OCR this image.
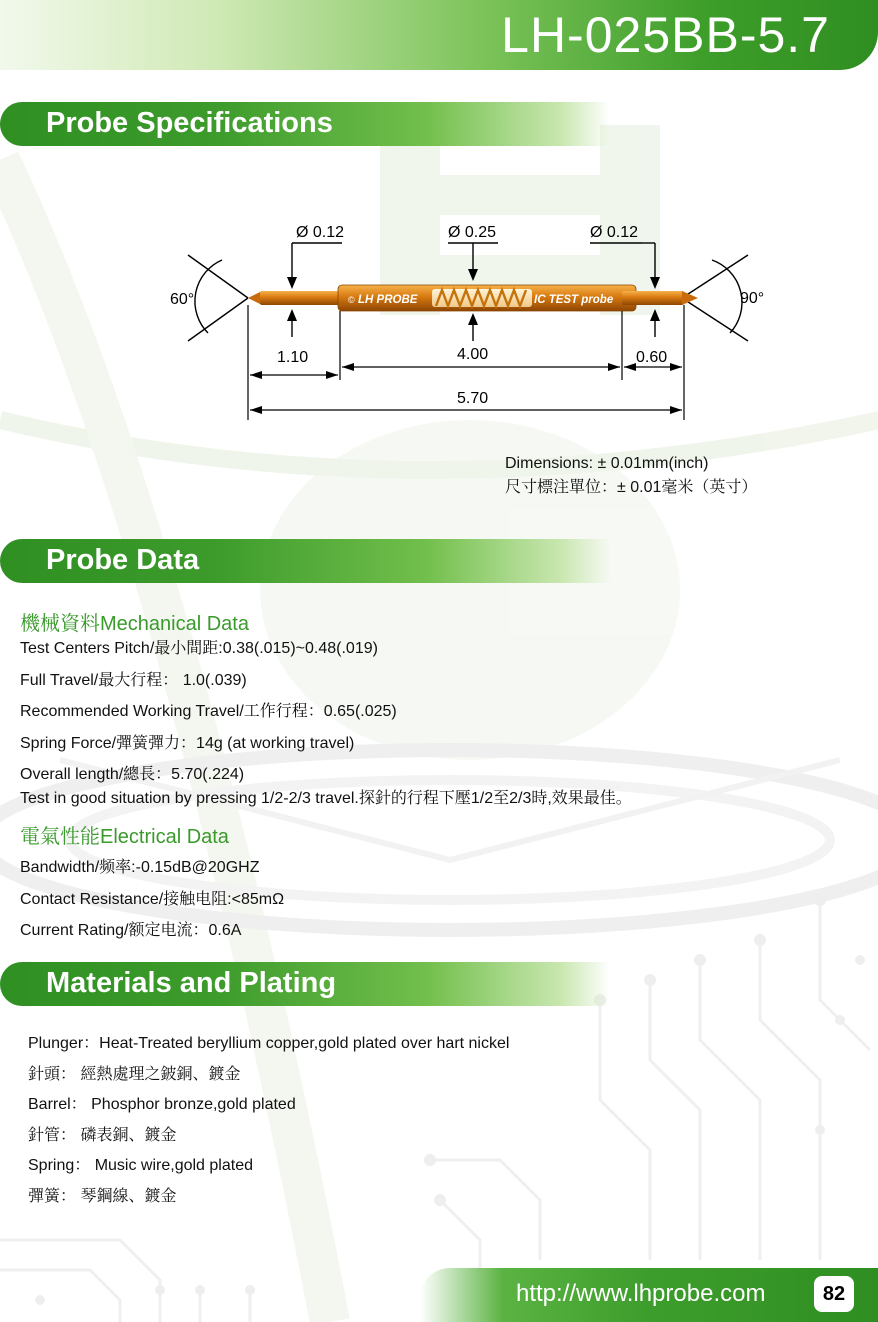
LH-025BB-5.7
Probe Specifications
© LH PROBE	IC TEST probe
Ø 0.12	Ø 0.25	Ø 0.12
60°	90°
1.10	4.00	0.60
5.70
Dimensions: ± 0.01mm(inch)
尺寸標注單位：± 0.01毫米（英寸）
Probe Data
機械資料Mechanical Data
Test Centers Pitch/最小間距:0.38(.015)~0.48(.019)
Full Travel/最大行程： 1.0(.039)
Recommended Working Travel/工作行程：0.65(.025)
Spring Force/彈簧彈力：14g (at working travel)
Overall length/總長：5.70(.224)
Test in good situation by pressing 1/2-2/3 travel.探針的行程下壓1/2至2/3時,效果最佳。
電氣性能Electrical Data
Bandwidth/频率:-0.15dB@20GHZ
Contact Resistance/接触电阻:<85mΩ
Current Rating/额定电流：0.6A
Materials and Plating
Plunger：Heat-Treated beryllium copper,gold plated over hart nickel
針頭： 經熱處理之鈹銅、鍍金
Barrel： Phosphor bronze,gold plated
針管： 磷表銅、鍍金
Spring： Music wire,gold plated
彈簧： 琴鋼線、鍍金
http://www.lhprobe.com	82
